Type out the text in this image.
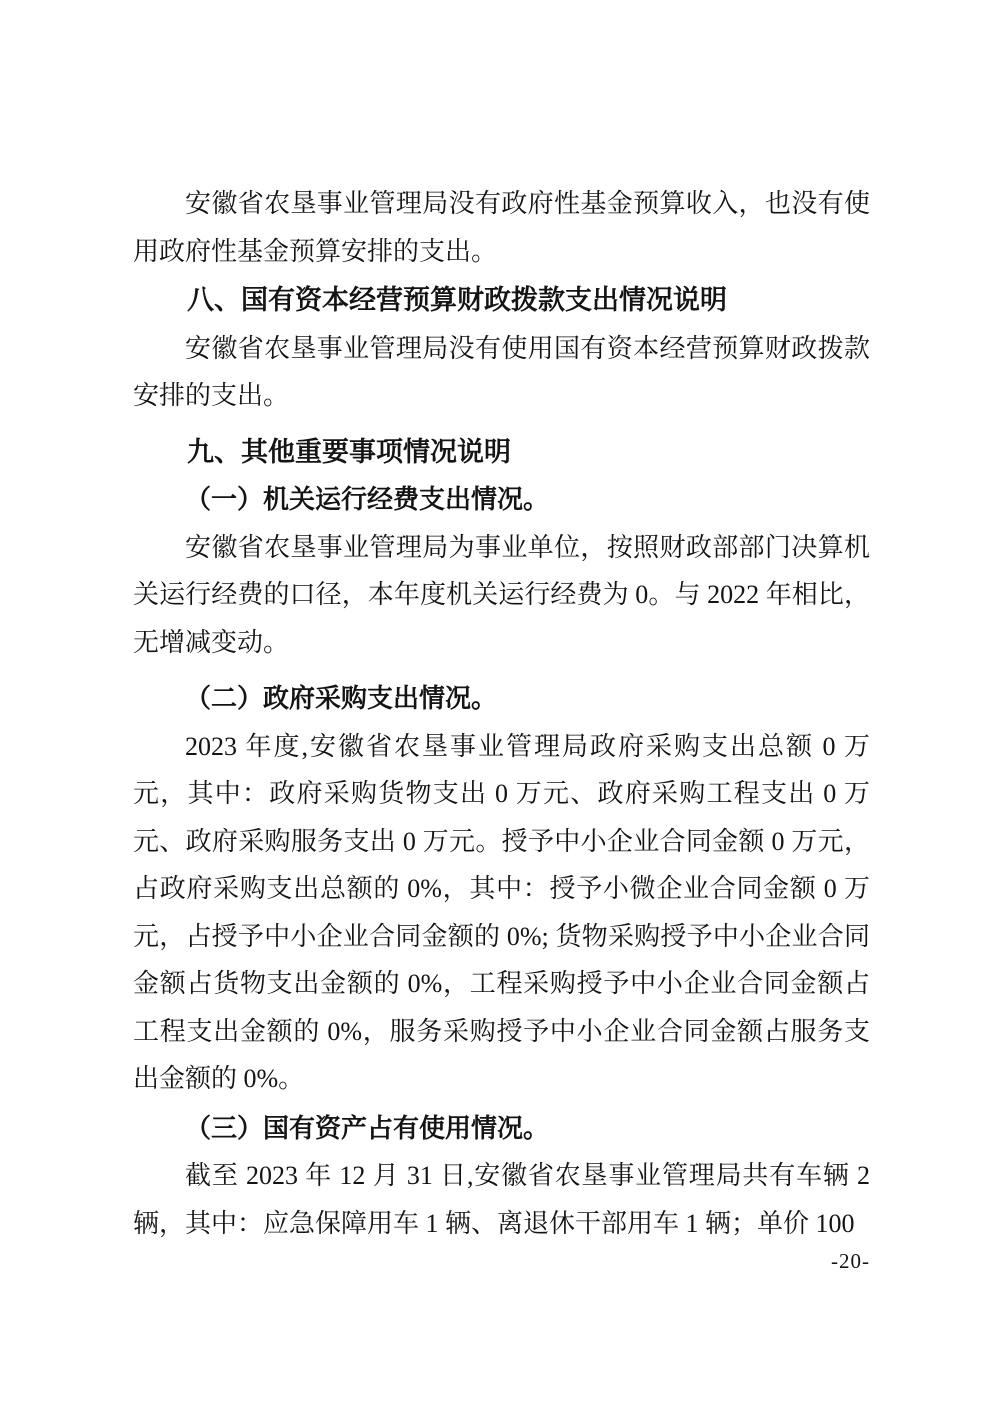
安徽省农垦事业管理局没有政府性基金预算收入，也没有使用政府性基金预算安排的支出。

八、国有资本经营预算财政拨款支出情况说明

安徽省农垦事业管理局没有使用国有资本经营预算财政拨款安排的支出。

九、其他重要事项情况说明

（一）机关运行经费支出情况。

安徽省农垦事业管理局为事业单位，按照财政部部门决算机关运行经费的口径，本年度机关运行经费为 0。与 2022 年相比，无增减变动。

（二）政府采购支出情况。

2023 年度,安徽省农垦事业管理局政府采购支出总额 0 万元，其中：政府采购货物支出 0 万元、政府采购工程支出 0 万元、政府采购服务支出 0 万元。授予中小企业合同金额 0 万元，占政府采购支出总额的 0%，其中：授予小微企业合同金额 0 万元，占授予中小企业合同金额的 0%; 货物采购授予中小企业合同金额占货物支出金额的 0%，工程采购授予中小企业合同金额占工程支出金额的 0%，服务采购授予中小企业合同金额占服务支出金额的 0%。

（三）国有资产占有使用情况。

截至 2023 年 12 月 31 日,安徽省农垦事业管理局共有车辆 2 辆，其中：应急保障用车 1 辆、离退休干部用车 1 辆；单价 100

-20-
